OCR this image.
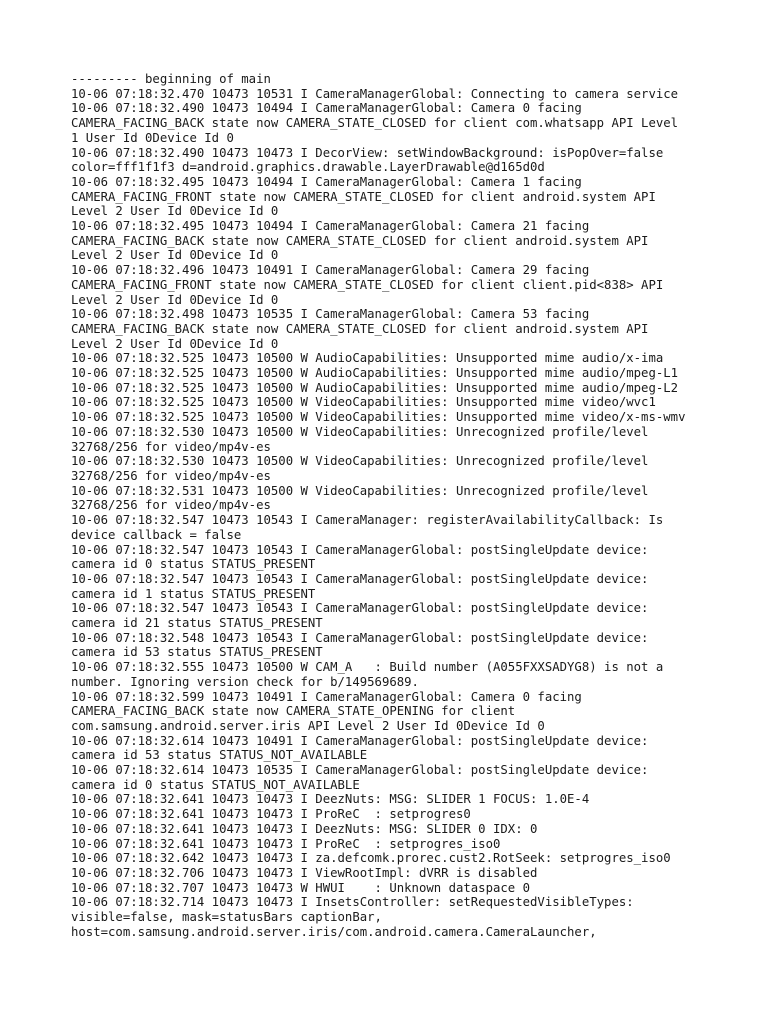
--------- beginning of main
10-06 07:18:32.470 10473 10531 I CameraManagerGlobal: Connecting to camera service
10-06 07:18:32.490 10473 10494 I CameraManagerGlobal: Camera 0 facing
CAMERA_FACING_BACK state now CAMERA_STATE_CLOSED for client com.whatsapp API Level
1 User Id 0Device Id 0
10-06 07:18:32.490 10473 10473 I DecorView: setWindowBackground: isPopOver=false
color=fff1f1f3 d=android.graphics.drawable.LayerDrawable@d165d0d
10-06 07:18:32.495 10473 10494 I CameraManagerGlobal: Camera 1 facing
CAMERA_FACING_FRONT state now CAMERA_STATE_CLOSED for client android.system API
Level 2 User Id 0Device Id 0
10-06 07:18:32.495 10473 10494 I CameraManagerGlobal: Camera 21 facing
CAMERA_FACING_BACK state now CAMERA_STATE_CLOSED for client android.system API
Level 2 User Id 0Device Id 0
10-06 07:18:32.496 10473 10491 I CameraManagerGlobal: Camera 29 facing
CAMERA_FACING_FRONT state now CAMERA_STATE_CLOSED for client client.pid<838> API
Level 2 User Id 0Device Id 0
10-06 07:18:32.498 10473 10535 I CameraManagerGlobal: Camera 53 facing
CAMERA_FACING_BACK state now CAMERA_STATE_CLOSED for client android.system API
Level 2 User Id 0Device Id 0
10-06 07:18:32.525 10473 10500 W AudioCapabilities: Unsupported mime audio/x-ima
10-06 07:18:32.525 10473 10500 W AudioCapabilities: Unsupported mime audio/mpeg-L1
10-06 07:18:32.525 10473 10500 W AudioCapabilities: Unsupported mime audio/mpeg-L2
10-06 07:18:32.525 10473 10500 W VideoCapabilities: Unsupported mime video/wvc1
10-06 07:18:32.525 10473 10500 W VideoCapabilities: Unsupported mime video/x-ms-wmv
10-06 07:18:32.530 10473 10500 W VideoCapabilities: Unrecognized profile/level
32768/256 for video/mp4v-es
10-06 07:18:32.530 10473 10500 W VideoCapabilities: Unrecognized profile/level
32768/256 for video/mp4v-es
10-06 07:18:32.531 10473 10500 W VideoCapabilities: Unrecognized profile/level
32768/256 for video/mp4v-es
10-06 07:18:32.547 10473 10543 I CameraManager: registerAvailabilityCallback: Is
device callback = false
10-06 07:18:32.547 10473 10543 I CameraManagerGlobal: postSingleUpdate device:
camera id 0 status STATUS_PRESENT
10-06 07:18:32.547 10473 10543 I CameraManagerGlobal: postSingleUpdate device:
camera id 1 status STATUS_PRESENT
10-06 07:18:32.547 10473 10543 I CameraManagerGlobal: postSingleUpdate device:
camera id 21 status STATUS_PRESENT
10-06 07:18:32.548 10473 10543 I CameraManagerGlobal: postSingleUpdate device:
camera id 53 status STATUS_PRESENT
10-06 07:18:32.555 10473 10500 W CAM_A   : Build number (A055FXXSADYG8) is not a
number. Ignoring version check for b/149569689.
10-06 07:18:32.599 10473 10491 I CameraManagerGlobal: Camera 0 facing
CAMERA_FACING_BACK state now CAMERA_STATE_OPENING for client
com.samsung.android.server.iris API Level 2 User Id 0Device Id 0
10-06 07:18:32.614 10473 10491 I CameraManagerGlobal: postSingleUpdate device:
camera id 53 status STATUS_NOT_AVAILABLE
10-06 07:18:32.614 10473 10535 I CameraManagerGlobal: postSingleUpdate device:
camera id 0 status STATUS_NOT_AVAILABLE
10-06 07:18:32.641 10473 10473 I DeezNuts: MSG: SLIDER 1 FOCUS: 1.0E-4
10-06 07:18:32.641 10473 10473 I ProReC  : setprogres0
10-06 07:18:32.641 10473 10473 I DeezNuts: MSG: SLIDER 0 IDX: 0
10-06 07:18:32.641 10473 10473 I ProReC  : setprogres_iso0
10-06 07:18:32.642 10473 10473 I za.defcomk.prorec.cust2.RotSeek: setprogres_iso0
10-06 07:18:32.706 10473 10473 I ViewRootImpl: dVRR is disabled
10-06 07:18:32.707 10473 10473 W HWUI    : Unknown dataspace 0
10-06 07:18:32.714 10473 10473 I InsetsController: setRequestedVisibleTypes:
visible=false, mask=statusBars captionBar,
host=com.samsung.android.server.iris/com.android.camera.CameraLauncher,
